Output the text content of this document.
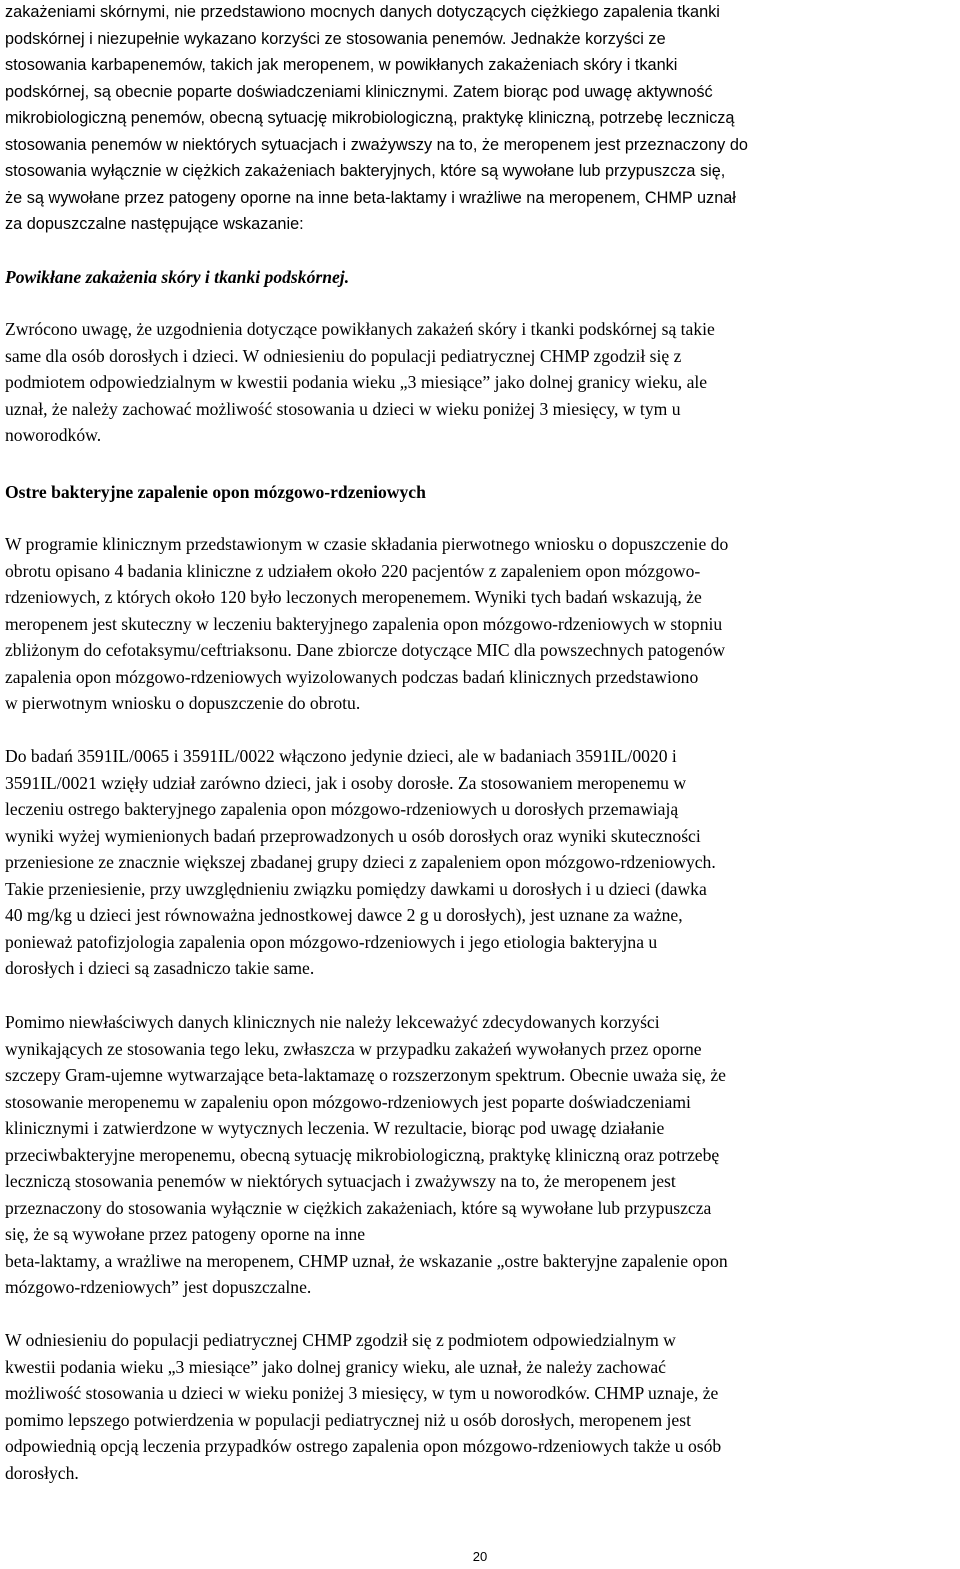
zakażeniami skórnymi, nie przedstawiono mocnych danych dotyczących ciężkiego zapalenia tkanki
podskórnej i niezupełnie wykazano korzyści ze stosowania penemów. Jednakże korzyści ze
stosowania karbapenemów, takich jak meropenem, w powikłanych zakażeniach skóry i tkanki
podskórnej, są obecnie poparte doświadczeniami klinicznymi. Zatem biorąc pod uwagę aktywność
mikrobiologiczną penemów, obecną sytuację mikrobiologiczną, praktykę kliniczną, potrzebę leczniczą
stosowania penemów w niektórych sytuacjach i zważywszy na to, że meropenem jest przeznaczony do
stosowania wyłącznie w ciężkich zakażeniach bakteryjnych, które są wywołane lub przypuszcza się,
że są wywołane przez patogeny oporne na inne beta-laktamy i wrażliwe na meropenem, CHMP uznał
za dopuszczalne następujące wskazanie:

Powikłane zakażenia skóry i tkanki podskórnej.

Zwrócono uwagę, że uzgodnienia dotyczące powikłanych zakażeń skóry i tkanki podskórnej są takie
same dla osób dorosłych i dzieci. W odniesieniu do populacji pediatrycznej CHMP zgodził się z
podmiotem odpowiedzialnym w kwestii podania wieku „3 miesiące” jako dolnej granicy wieku, ale
uznał, że należy zachować możliwość stosowania u dzieci w wieku poniżej 3 miesięcy, w tym u
noworodków.

Ostre bakteryjne zapalenie opon mózgowo-rdzeniowych

W programie klinicznym przedstawionym w czasie składania pierwotnego wniosku o dopuszczenie do
obrotu opisano 4 badania kliniczne z udziałem około 220 pacjentów z zapaleniem opon mózgowo-
rdzeniowych, z których około 120 było leczonych meropenemem. Wyniki tych badań wskazują, że
meropenem jest skuteczny w leczeniu bakteryjnego zapalenia opon mózgowo-rdzeniowych w stopniu
zbliżonym do cefotaksymu/ceftriaksonu. Dane zbiorcze dotyczące MIC dla powszechnych patogenów
zapalenia opon mózgowo-rdzeniowych wyizolowanych podczas badań klinicznych przedstawiono
w pierwotnym wniosku o dopuszczenie do obrotu.

Do badań 3591IL/0065 i 3591IL/0022 włączono jedynie dzieci, ale w badaniach 3591IL/0020 i
3591IL/0021 wzięły udział zarówno dzieci, jak i osoby dorosłe. Za stosowaniem meropenemu w
leczeniu ostrego bakteryjnego zapalenia opon mózgowo-rdzeniowych u dorosłych przemawiają
wyniki wyżej wymienionych badań przeprowadzonych u osób dorosłych oraz wyniki skuteczności
przeniesione ze znacznie większej zbadanej grupy dzieci z zapaleniem opon mózgowo-rdzeniowych.
Takie przeniesienie, przy uwzględnieniu związku pomiędzy dawkami u dorosłych i u dzieci (dawka
40 mg/kg u dzieci jest równoważna jednostkowej dawce 2 g u dorosłych), jest uznane za ważne,
ponieważ patofizjologia zapalenia opon mózgowo-rdzeniowych i jego etiologia bakteryjna u
dorosłych i dzieci są zasadniczo takie same.

Pomimo niewłaściwych danych klinicznych nie należy lekceważyć zdecydowanych korzyści
wynikających ze stosowania tego leku, zwłaszcza w przypadku zakażeń wywołanych przez oporne
szczepy Gram-ujemne wytwarzające beta-laktamazę o rozszerzonym spektrum. Obecnie uważa się, że
stosowanie meropenemu w zapaleniu opon mózgowo-rdzeniowych jest poparte doświadczeniami
klinicznymi i zatwierdzone w wytycznych leczenia. W rezultacie, biorąc pod uwagę działanie
przeciwbakteryjne meropenemu, obecną sytuację mikrobiologiczną, praktykę kliniczną oraz potrzebę
leczniczą stosowania penemów w niektórych sytuacjach i zważywszy na to, że meropenem jest
przeznaczony do stosowania wyłącznie w ciężkich zakażeniach, które są wywołane lub przypuszcza
się, że są wywołane przez patogeny oporne na inne
beta-laktamy, a wrażliwe na meropenem, CHMP uznał, że wskazanie „ostre bakteryjne zapalenie opon
mózgowo-rdzeniowych” jest dopuszczalne.

W odniesieniu do populacji pediatrycznej CHMP zgodził się z podmiotem odpowiedzialnym w
kwestii podania wieku „3 miesiące” jako dolnej granicy wieku, ale uznał, że należy zachować
możliwość stosowania u dzieci w wieku poniżej 3 miesięcy, w tym u noworodków. CHMP uznaje, że
pomimo lepszego potwierdzenia w populacji pediatrycznej niż u osób dorosłych, meropenem jest
odpowiednią opcją leczenia przypadków ostrego zapalenia opon mózgowo-rdzeniowych także u osób
dorosłych.

20
